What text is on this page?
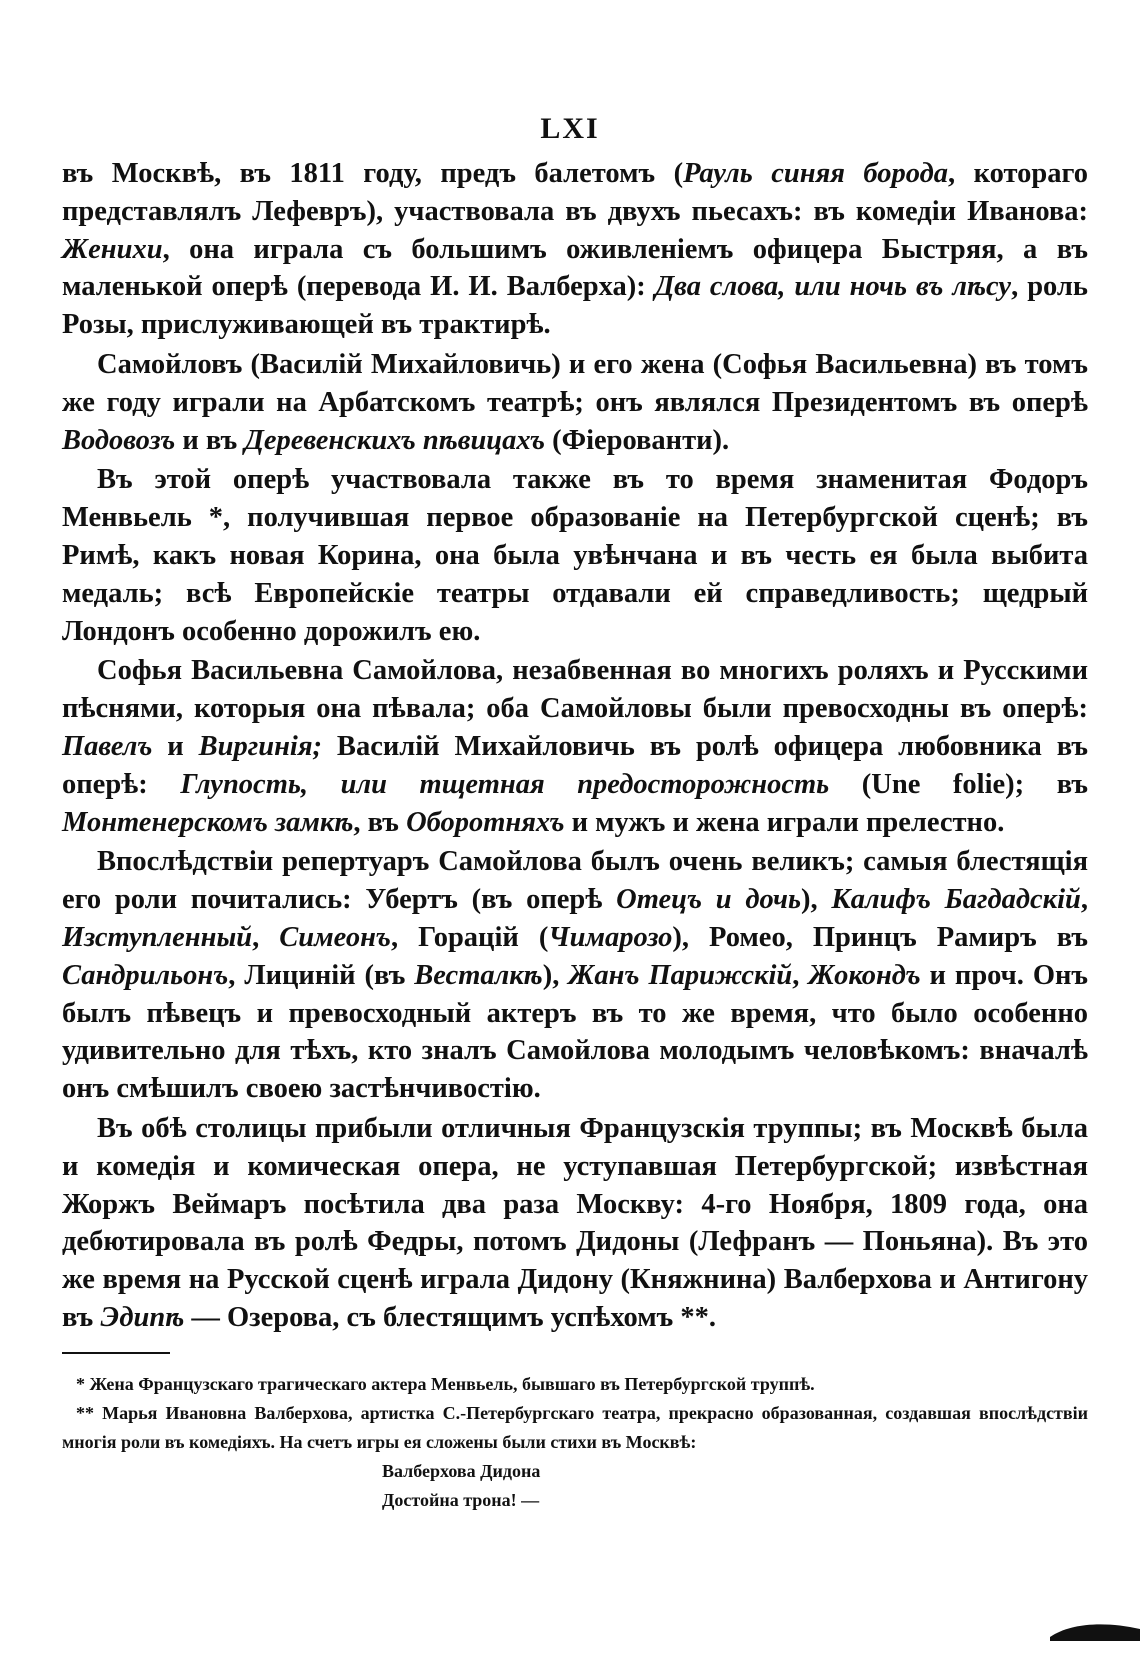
LXI

въ Москвѣ, въ 1811 году, предъ балетомъ (Рауль синяя борода, котораго представлялъ Лефевръ), участвовала въ двухъ пьесахъ: въ комедіи Иванова: Женихи, она играла съ большимъ оживленіемъ офицера Быстряя, а въ маленькой оперѣ (перевода И. И. Валберха): Два слова, или ночь въ лѣсу, роль Розы, прислуживающей въ трактирѣ.

Самойловъ (Василій Михайловичь) и его жена (Софья Васильевна) въ томъ же году играли на Арбатскомъ театрѣ; онъ являлся Президентомъ въ оперѣ Водовозъ и въ Деревенскихъ пѣвицахъ (Фіерованти).

Въ этой оперѣ участвовала также въ то время знаменитая Фодоръ Менвьель *, получившая первое образованіе на Петербургской сценѣ; въ Римѣ, какъ новая Корина, она была увѣнчана и въ честь ея была выбита медаль; всѣ Европейскіе театры отдавали ей справедливость; щедрый Лондонъ особенно дорожилъ ею.

Софья Васильевна Самойлова, незабвенная во многихъ роляхъ и Русскими пѣснями, которыя она пѣвала; оба Самойловы были превосходны въ оперѣ: Павелъ и Виргинія; Василій Михайловичь въ ролѣ офицера любовника въ оперѣ: Глупость, или тщетная предосторожность (Une folie); въ Монтенерскомъ замкѣ, въ Оборотняхъ и мужъ и жена играли прелестно.

Впослѣдствіи репертуаръ Самойлова былъ очень великъ; самыя блестящія его роли почитались: Убертъ (въ оперѣ Отецъ и дочь), Калифъ Багдадскій, Изступленный, Симеонъ, Горацій (Чимарозо), Ромео, Принцъ Рамиръ въ Сандрильонъ, Лициній (въ Весталкѣ), Жанъ Парижскій, Жокондъ и проч. Онъ былъ пѣвецъ и превосходный актеръ въ то же время, что было особенно удивительно для тѣхъ, кто зналъ Самойлова молодымъ человѣкомъ: вначалѣ онъ смѣшилъ своею застѣнчивостію.

Въ обѣ столицы прибыли отличныя Французскія труппы; въ Москвѣ была и комедія и комическая опера, не уступавшая Петербургской; извѣстная Жоржъ Веймаръ посѣтила два раза Москву: 4-го Ноября, 1809 года, она дебютировала въ ролѣ Федры, потомъ Дидоны (Лефранъ — Поньяна). Въ это же время на Русской сценѣ играла Дидону (Княжнина) Валберхова и Антигону въ Эдипѣ — Озерова, съ блестящимъ успѣхомъ **.

* Жена Французскаго трагическаго актера Менвьель, бывшаго въ Петербургской труппѣ.

** Марья Ивановна Валберхова, артистка С.-Петербургскаго театра, прекрасно образованная, создавшая впослѣдствіи многія роли въ комедіяхъ. На счетъ игры ея сложены были стихи въ Москвѣ:

Валберхова Дидона

Достойна трона! —
